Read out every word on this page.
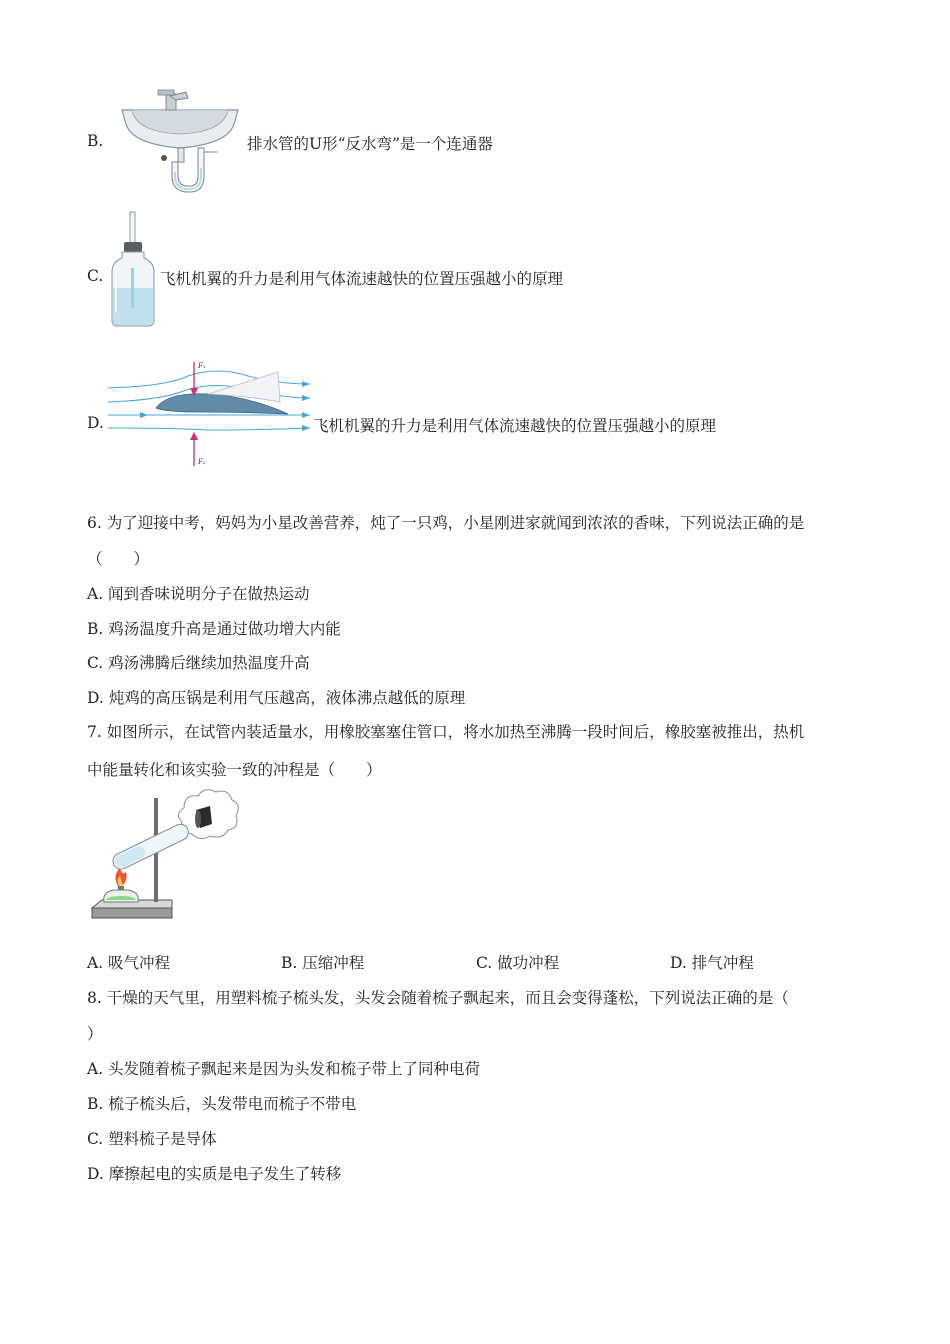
B.	排水管的U形“反水弯”是一个连通器
C.	飞机机翼的升力是利用气体流速越快的位置压强越小的原理
D.
F₁
F₂
飞机机翼的升力是利用气体流速越快的位置压强越小的原理
6. 为了迎接中考，妈妈为小星改善营养，炖了一只鸡，小星刚进家就闻到浓浓的香味，下列说法正确的是
（　　）
A. 闻到香味说明分子在做热运动
B. 鸡汤温度升高是通过做功增大内能
C. 鸡汤沸腾后继续加热温度升高
D. 炖鸡的高压锅是利用气压越高，液体沸点越低的原理
7. 如图所示，在试管内装适量水，用橡胶塞塞住管口，将水加热至沸腾一段时间后，橡胶塞被推出，热机
中能量转化和该实验一致的冲程是（　　）
A. 吸气冲程	B. 压缩冲程	C. 做功冲程	D. 排气冲程
8. 干燥的天气里，用塑料梳子梳头发，头发会随着梳子飘起来，而且会变得蓬松，下列说法正确的是（
）
A. 头发随着梳子飘起来是因为头发和梳子带上了同种电荷
B. 梳子梳头后，头发带电而梳子不带电
C. 塑料梳子是导体
D. 摩擦起电的实质是电子发生了转移
